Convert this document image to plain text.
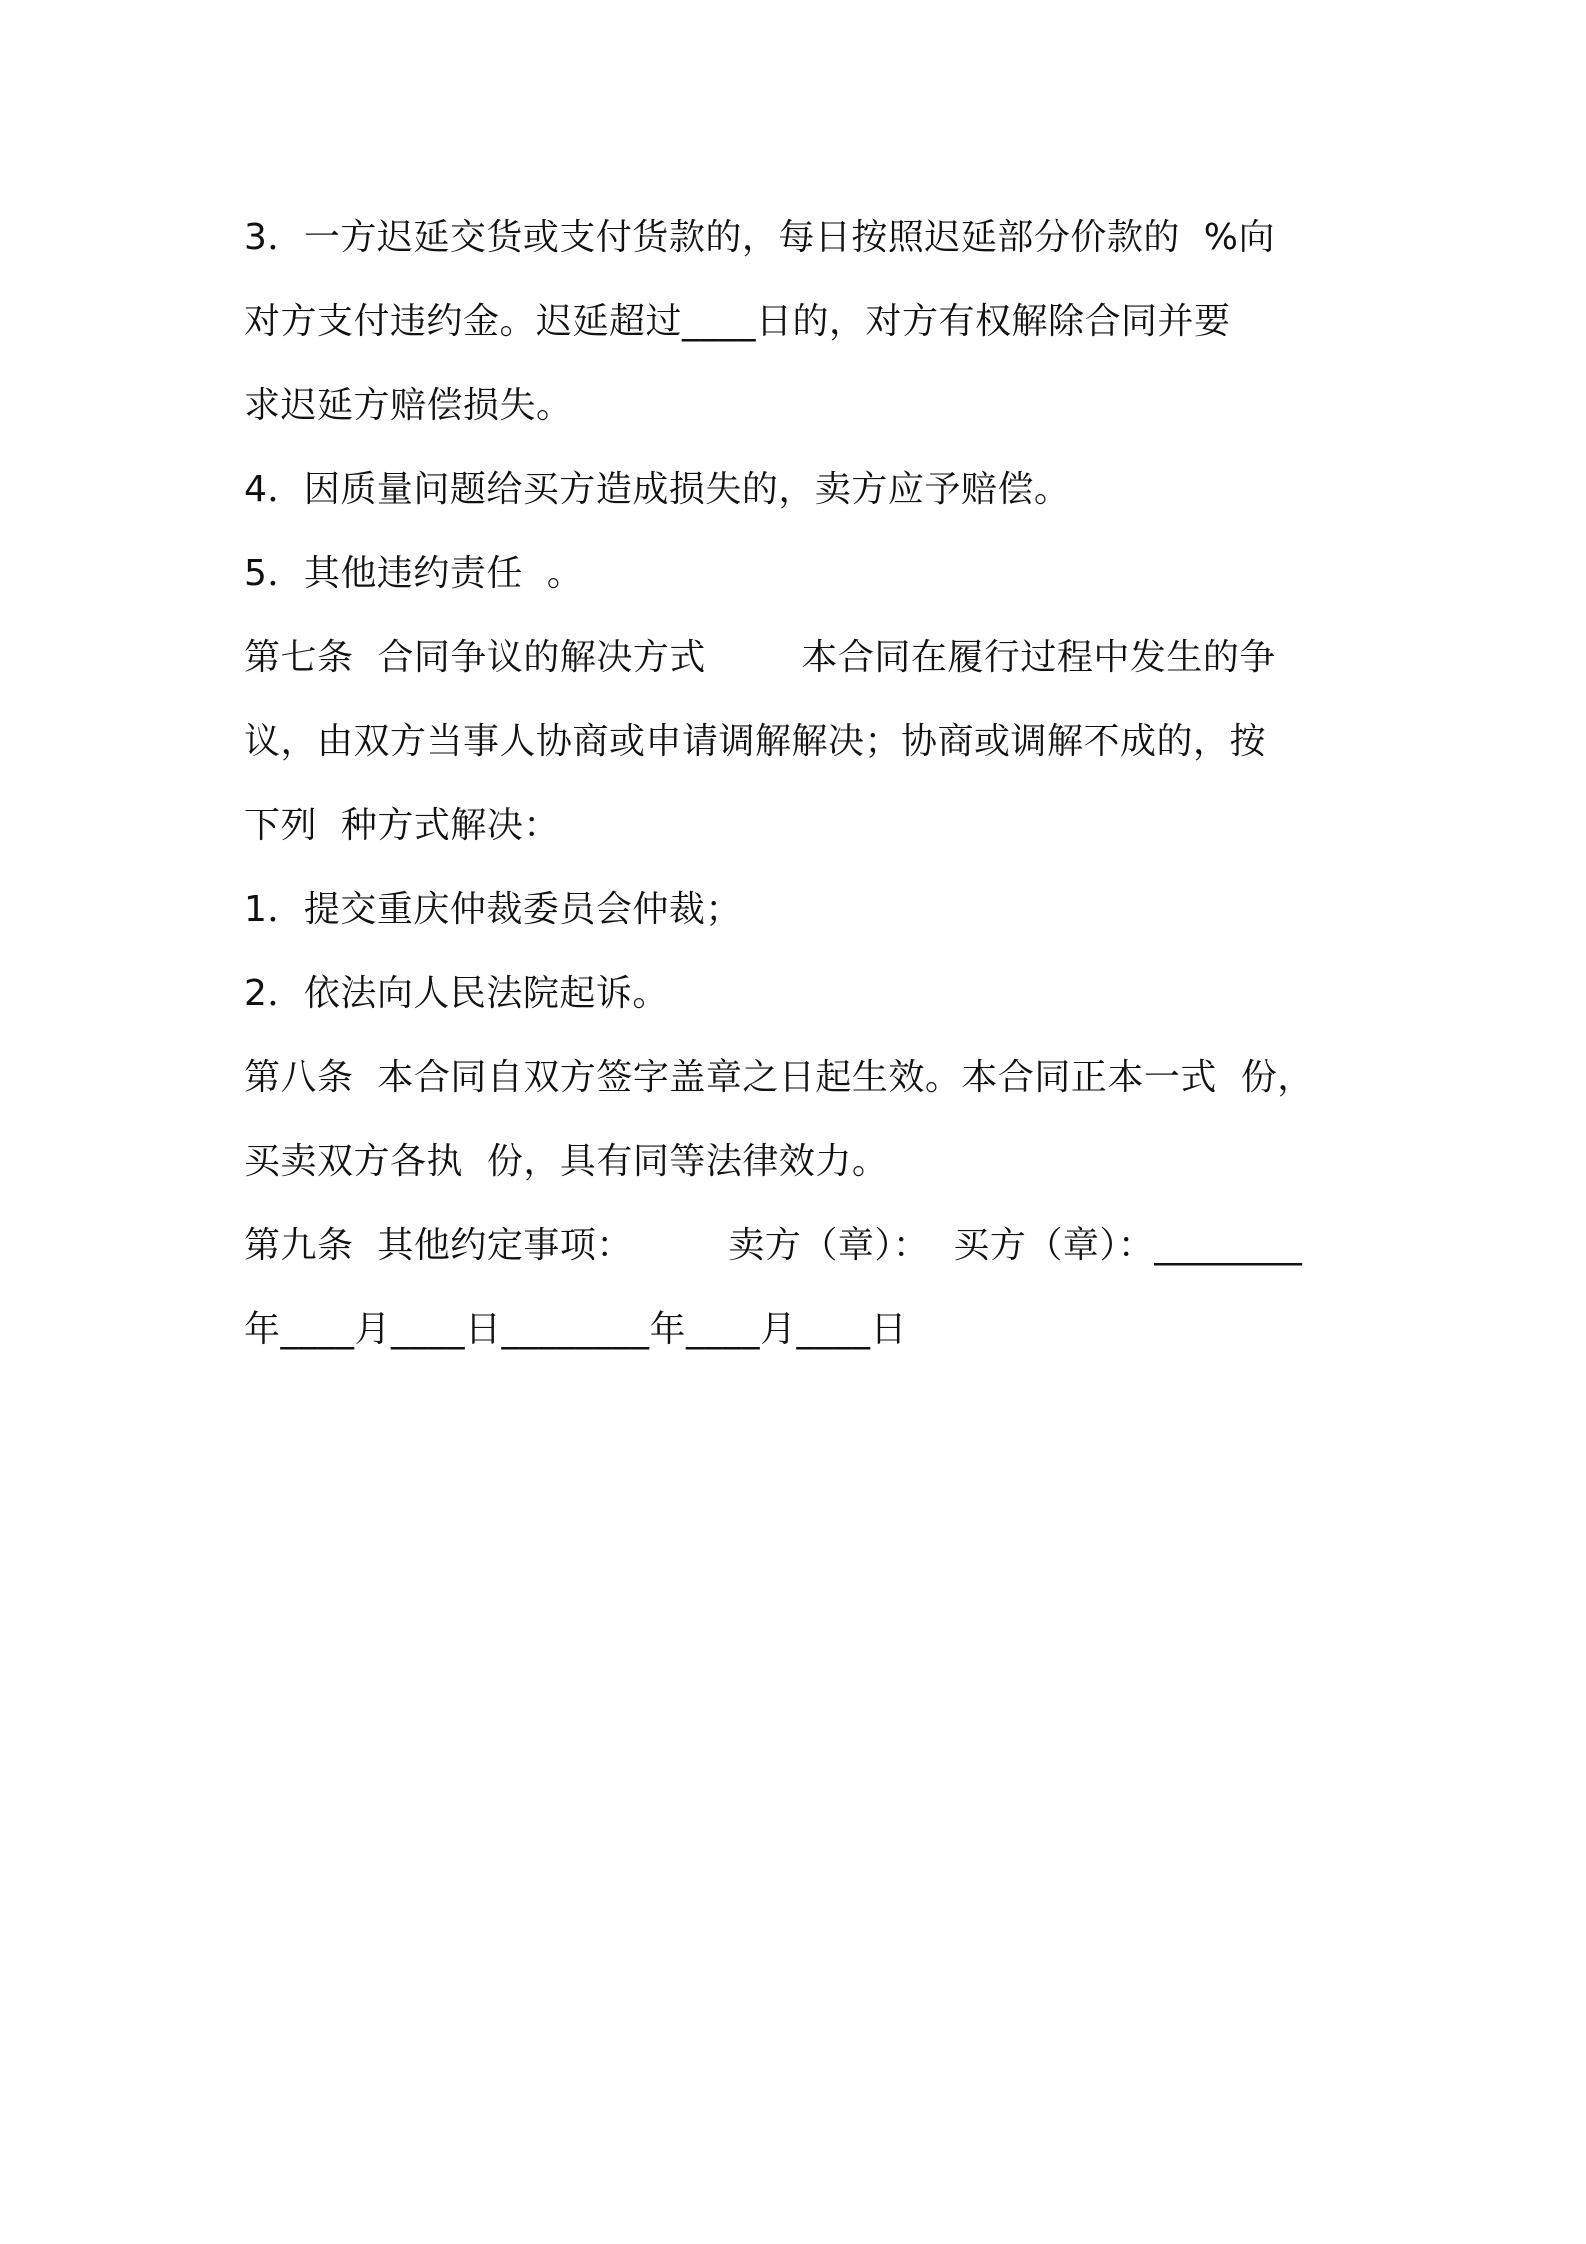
3．一方迟延交货或支付货款的，每日按照迟延部分价款的  %向
对方支付违约金。迟延超过____日的，对方有权解除合同并要
求迟延方赔偿损失。
4．因质量问题给买方造成损失的，卖方应予赔偿。
5．其他违约责任  。
第七条  合同争议的解决方式        本合同在履行过程中发生的争
议，由双方当事人协商或申请调解解决；协商或调解不成的，按
下列  种方式解决：
1．提交重庆仲裁委员会仲裁；
2．依法向人民法院起诉。
第八条  本合同自双方签字盖章之日起生效。本合同正本一式  份，
买卖双方各执  份，具有同等法律效力。
第九条  其他约定事项：        卖方（章）：  买方（章）：________
年____月____日________年____月____日
